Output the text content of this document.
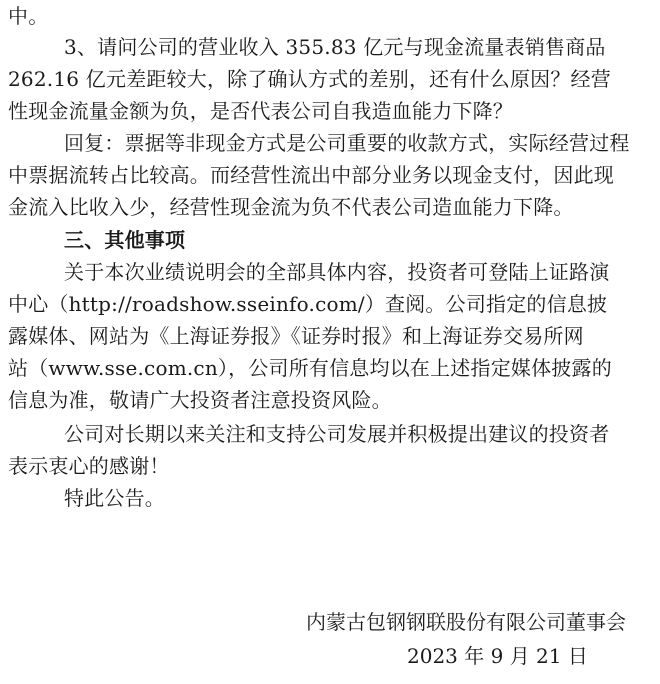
中。
3、请问公司的营业收入 355.83 亿元与现金流量表销售商品
262.16 亿元差距较大，除了确认方式的差别，还有什么原因？经营
性现金流量金额为负，是否代表公司自我造血能力下降？
回复：票据等非现金方式是公司重要的收款方式，实际经营过程
中票据流转占比较高。而经营性流出中部分业务以现金支付，因此现
金流入比收入少，经营性现金流为负不代表公司造血能力下降。
三、其他事项
关于本次业绩说明会的全部具体内容，投资者可登陆上证路演
中心（http://roadshow.sseinfo.com/）查阅。公司指定的信息披
露媒体、网站为《上海证券报》《证券时报》和上海证券交易所网
站（www.sse.com.cn），公司所有信息均以在上述指定媒体披露的
信息为准，敬请广大投资者注意投资风险。
公司对长期以来关注和支持公司发展并积极提出建议的投资者
表示衷心的感谢！
特此公告。
内蒙古包钢钢联股份有限公司董事会
2023 年 9 月 21 日
